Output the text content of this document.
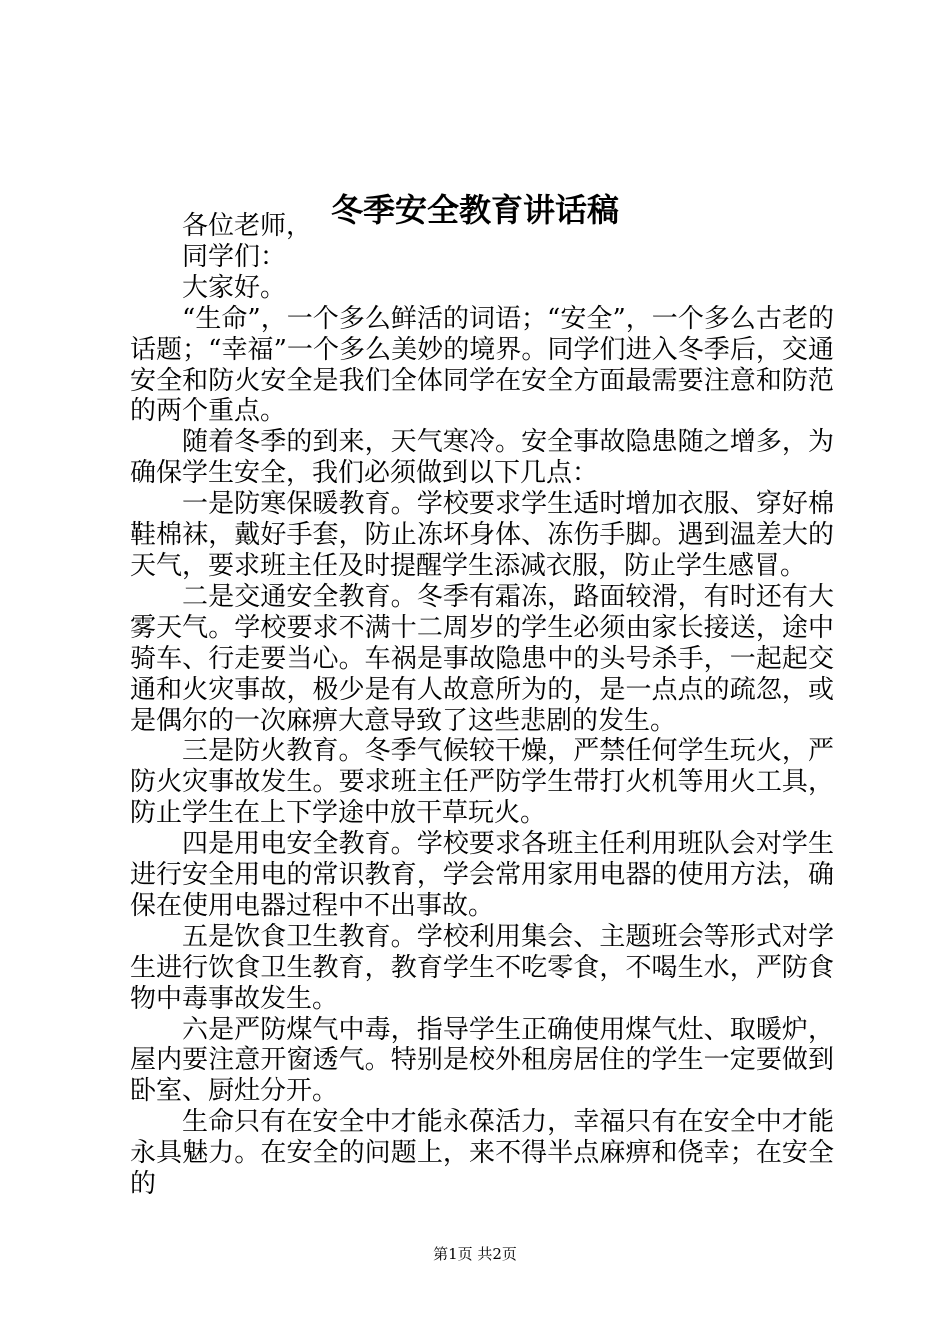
冬季安全教育讲话稿

各位老师，

同学们：

大家好。

“生命”，一个多么鲜活的词语；“安全”，一个多么古老的话题；“幸福”一个多么美妙的境界。同学们进入冬季后，交通安全和防火安全是我们全体同学在安全方面最需要注意和防范的两个重点。

随着冬季的到来，天气寒冷。安全事故隐患随之增多，为确保学生安全，我们必须做到以下几点：

一是防寒保暖教育。学校要求学生适时增加衣服、穿好棉鞋棉袜，戴好手套，防止冻坏身体、冻伤手脚。遇到温差大的天气，要求班主任及时提醒学生添减衣服，防止学生感冒。

二是交通安全教育。冬季有霜冻，路面较滑，有时还有大雾天气。学校要求不满十二周岁的学生必须由家长接送，途中骑车、行走要当心。车祸是事故隐患中的头号杀手，一起起交通和火灾事故，极少是有人故意所为的，是一点点的疏忽，或是偶尔的一次麻痹大意导致了这些悲剧的发生。

三是防火教育。冬季气候较干燥，严禁任何学生玩火，严防火灾事故发生。要求班主任严防学生带打火机等用火工具，防止学生在上下学途中放干草玩火。

四是用电安全教育。学校要求各班主任利用班队会对学生进行安全用电的常识教育，学会常用家用电器的使用方法，确保在使用电器过程中不出事故。

五是饮食卫生教育。学校利用集会、主题班会等形式对学生进行饮食卫生教育，教育学生不吃零食，不喝生水，严防食物中毒事故发生。

六是严防煤气中毒，指导学生正确使用煤气灶、取暖炉，屋内要注意开窗透气。特别是校外租房居住的学生一定要做到卧室、厨灶分开。

生命只有在安全中才能永葆活力，幸福只有在安全中才能永具魅力。在安全的问题上，来不得半点麻痹和侥幸；在安全的

第1页 共2页
